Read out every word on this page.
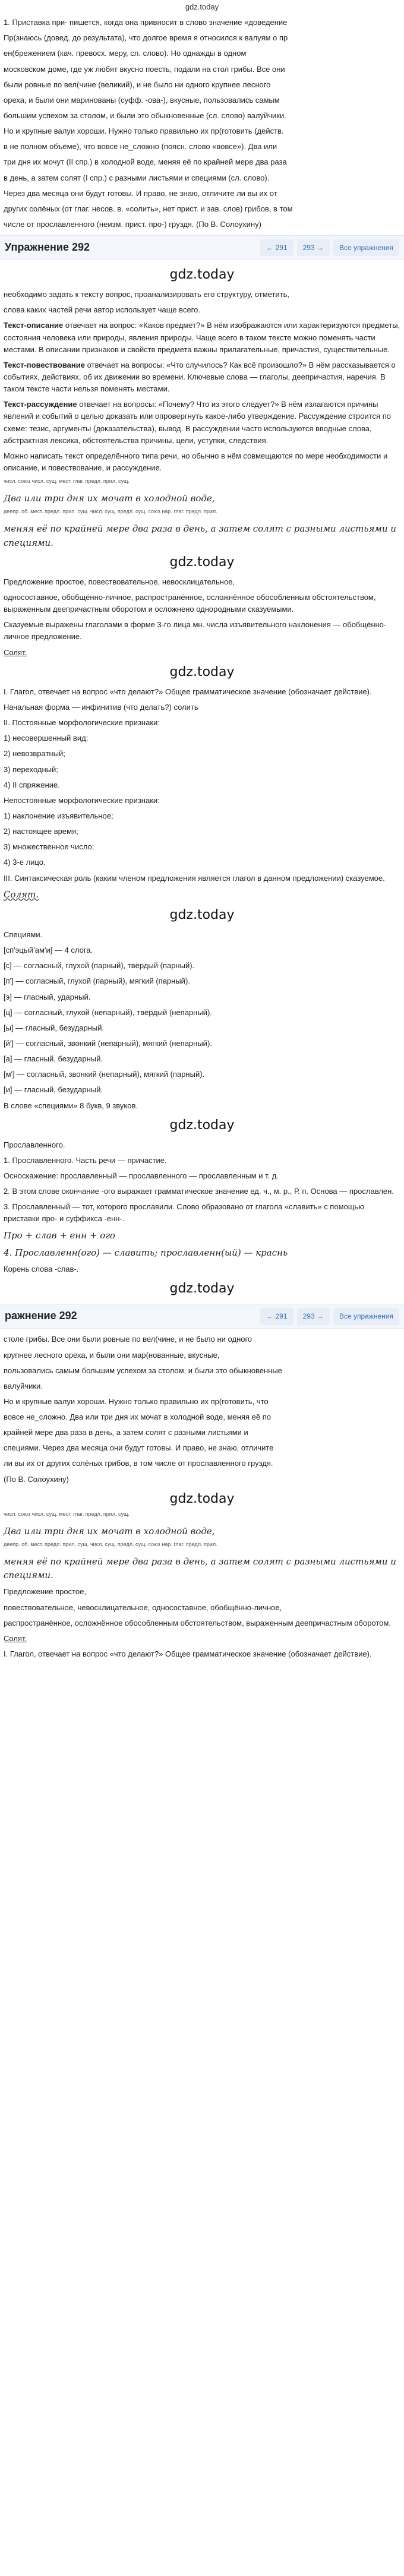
gdz.today

1. Приставка при- пишется, когда она привносит в слово значение «доведение

Пр(знаюсь (довед. до результата), что долгое время я относился к валуям о пр

ен(брежением (кач. превосх. меру, сл. слово). Но однажды в одном

московском доме, где уж любят вкусно поесть, подали на стол грибы. Все они

были ровные по вел(чине (великий), и не было ни одного крупнее лесного

ореха, и были они маринованы (суфф. -ова-), вкусные, пользовались самым

большим успехом за столом, и были это обыкновенные (сл. слово) валуйчики.

Но и крупные валуи хороши. Нужно только правильно их пр(готовить (действ.

в не полном объёме), что вовсе не_сложно (поясн. слово «вовсе»). Два или

три дня их мочут (II спр.) в холодной воде, меняя её по крайней мере два раза

в день, а затем солят (I спр.) с разными листьями и специями (сл. слово).

Через два месяца они будут готовы. И право, не знаю, отличите ли вы их от

других солёных (от глаг. несов. в. «солить», нет прист. и зав. слов) грибов, в том

числе от прославленного (неизм. прист. про-) груздя. (По В. Солоухину)

Упражнение 292	← 291	293 →	Все упражнения
gdz.today

необходимо задать к тексту вопрос, проанализировать его структуру, отметить,

слова каких частей речи автор использует чаще всего.

Текст-описание отвечает на вопрос: «Каков предмет?» В нём изображаются или характеризуются предметы, состояния человека или природы, явления природы. Чаще всего в таком тексте можно поменять части местами. В описании признаков и свойств предмета важны прилагательные, причастия, существительные.

Текст-повествование отвечает на вопросы: «Что случилось? Как всё произошло?» В нём рассказывается о событиях, действиях, об их движении во времени. Ключевые слова — глаголы, деепричастия, наречия. В таком тексте части нельзя поменять местами.

Текст-рассуждение отвечает на вопросы: «Почему? Что из этого следует?» В нём излагаются причины явлений и событий о целью доказать или опровергнуть какое-либо утверждение. Рассуждение строится по схеме: тезис, аргументы (доказательства), вывод. В рассуждении часто используются вводные слова, абстрактная лексика, обстоятельства причины, цели, уступки, следствия.

Можно написать текст определённого типа речи, но обычно в нём совмещаются по мере необходимости и описание, и повествование, и рассуждение.

числ. союз числ. сущ. мест. глаг. предл. прил. сущ.
Два или три дня их мочат в холодной воде,
деепр. об. мест. предл. прил. сущ. числ. сущ. предл. сущ. союз нар. глаг. предл. прил.
меняя её по крайней мере два раза в день, а затем солят с разными листьями и специями.
gdz.today

Предложение простое, повествовательное, невосклицательное,

односоставное, обобщённо-личное, распространённое, осложнённое обособленным обстоятельством, выраженным деепричастным оборотом и осложнено однородными сказуемыми.

Сказуемые выражены глаголами в форме 3-го лица мн. числа изъявительного наклонения — обобщённо-личное предложение.

Солят.

gdz.today

I. Глагол, отвечает на вопрос «что делают?» Общее грамматическое значение (обозначает действие).

Начальная форма — инфинитив (что делать?) солить

II. Постоянные морфологические признаки:

1) несовершенный вид;

2) невозвратный;

3) переходный;

4) II спряжение.

Непостоянные морфологические признаки:

1) наклонение изъявительное;

2) настоящее время;

3) множественное число;

4) 3-е лицо.

III. Синтаксическая роль (каким членом предложения является глагол в данном предложении) сказуемое.

Солят.

gdz.today

Специями.

[сп'эцый'ам'и] — 4 слога.

[с] — согласный, глухой (парный), твёрдый (парный).

[п'] — согласный, глухой (парный), мягкий (парный).

[э] — гласный, ударный.

[ц] — согласный, глухой (непарный), твёрдый (непарный).

[ы] — гласный, безударный.

[й'] — согласный, звонкий (непарный), мягкий (непарный).

[а] — гласный, безударный.

[м'] — согласный, звонкий (непарный), мягкий (парный).

[и] — гласный, безударный.

В слове «специями» 8 букв, 9 звуков.

gdz.today

Прославленного.

1. Прославленного. Часть речи — причастие.

Осноскажение: прославленный — прославленного — прославленным и т. д.

2. В этом слове окончание -ого выражает грамматическое значение ед. ч., м. р., Р. п. Основа — прославлен.

3. Прославленный — тот, которого прославили. Слово образовано от глагола «славить» с помощью приставки про- и суффикса -енн-.

Про + слав + енн + ого

4. Прославленн(ого) — славить; прославленн(ый) — краснь

Корень слова -слав-.

gdz.today
ражнение 292	← 291	293 →	Все упражнения

столе грибы. Все они были ровные по вел(чине, и не было ни одного

крупнее лесного ореха, и были они мар(нованные, вкусные,

пользовались самым большим успехом за столом, и были это обыкновенные

валуйчики.

Но и крупные валуи хороши. Нужно только правильно их пр(готовить, что

вовсе не_сложно. Два или три дня их мочат в холодной воде, меняя её по

крайней мере два раза в день, а затем солят с разными листьями и

специями. Через два месяца они будут готовы. И право, не знаю, отличите

ли вы их от других солёных грибов, в том числе от прославленного груздя.

(По В. Солоухину)

gdz.today
числ. союз числ. сущ. мест. глаг. предл. прил. сущ.
Два или три дня их мочат в холодной воде,
деепр. об. мест. предл. прил. сущ. числ. сущ. предл. сущ. союз нар. глаг. предл. прил.
меняя её по крайней мере два раза в день, а затем солят с разными листьями и специями.

Предложение простое,

повествовательное, невосклицательное, односоставное, обобщённо-личное,

распространённое, осложнённое обособленным обстоятельством, выраженным деепричастным оборотом.

Солят.

I. Глагол, отвечает на вопрос «что делают?» Общее грамматическое значение (обозначает действие).
